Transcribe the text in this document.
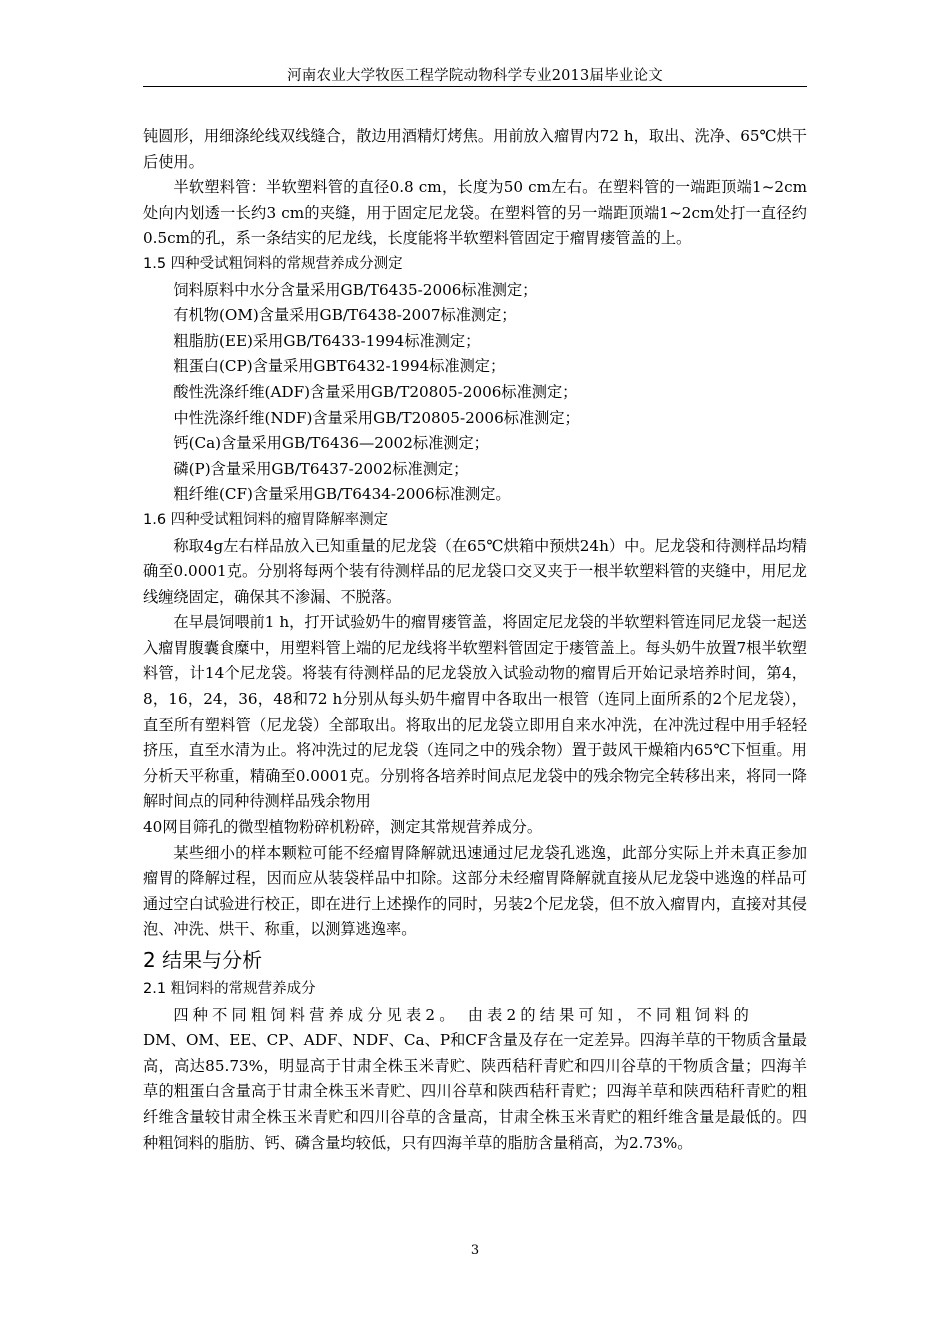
河南农业大学牧医工程学院动物科学专业2013届毕业论文

钝圆形，用细涤纶线双线缝合，散边用酒精灯烤焦。用前放入瘤胃内72 h，取出、洗净、65℃烘干后使用。

半软塑料管：半软塑料管的直径0.8 cm，长度为50 cm左右。在塑料管的一端距顶端1~2cm处向内划透一长约3 cm的夹缝，用于固定尼龙袋。在塑料管的另一端距顶端1~2cm处打一直径约0.5cm的孔，系一条结实的尼龙线，长度能将半软塑料管固定于瘤胃瘘管盖的上。

1.5 四种受试粗饲料的常规营养成分测定

饲料原料中水分含量采用GB/T6435-2006标准测定；

有机物(OM)含量采用GB/T6438-2007标准测定；

粗脂肪(EE)采用GB/T6433-1994标准测定；

粗蛋白(CP)含量采用GBT6432-1994标准测定；

酸性洗涤纤维(ADF)含量采用GB/T20805-2006标准测定；

中性洗涤纤维(NDF)含量采用GB/T20805-2006标准测定；

钙(Ca)含量采用GB/T6436—2002标准测定；

磷(P)含量采用GB/T6437-2002标准测定；

粗纤维(CF)含量采用GB/T6434-2006标准测定。

1.6 四种受试粗饲料的瘤胃降解率测定

称取4g左右样品放入已知重量的尼龙袋（在65℃烘箱中预烘24h）中。尼龙袋和待测样品均精确至0.0001克。分别将每两个装有待测样品的尼龙袋口交叉夹于一根半软塑料管的夹缝中，用尼龙线缠绕固定，确保其不渗漏、不脱落。

在早晨饲喂前1 h，打开试验奶牛的瘤胃瘘管盖，将固定尼龙袋的半软塑料管连同尼龙袋一起送入瘤胃腹囊食糜中，用塑料管上端的尼龙线将半软塑料管固定于瘘管盖上。每头奶牛放置7根半软塑料管，计14个尼龙袋。将装有待测样品的尼龙袋放入试验动物的瘤胃后开始记录培养时间，第4，8，16，24，36，48和72 h分别从每头奶牛瘤胃中各取出一根管（连同上面所系的2个尼龙袋），直至所有塑料管（尼龙袋）全部取出。将取出的尼龙袋立即用自来水冲洗，在冲洗过程中用手轻轻挤压，直至水清为止。将冲洗过的尼龙袋（连同之中的残余物）置于鼓风干燥箱内65℃下恒重。用分析天平称重，精确至0.0001克。分别将各培养时间点尼龙袋中的残余物完全转移出来，将同一降解时间点的同种待测样品残余物用

40网目筛孔的微型植物粉碎机粉碎，测定其常规营养成分。

某些细小的样本颗粒可能不经瘤胃降解就迅速通过尼龙袋孔逃逸，此部分实际上并未真正参加瘤胃的降解过程，因而应从装袋样品中扣除。这部分未经瘤胃降解就直接从尼龙袋中逃逸的样品可通过空白试验进行校正，即在进行上述操作的同时，另装2个尼龙袋，但不放入瘤胃内，直接对其侵泡、冲洗、烘干、称重，以测算逃逸率。

2 结果与分析

2.1 粗饲料的常规营养成分

四种不同粗饲料营养成分见表2。 由表2的结果可知，不同粗饲料的

DM、OM、EE、CP、ADF、NDF、Ca、P和CF含量及存在一定差异。四海羊草的干物质含量最高，高达85.73%，明显高于甘肃全株玉米青贮、陕西秸秆青贮和四川谷草的干物质含量；四海羊草的粗蛋白含量高于甘肃全株玉米青贮、四川谷草和陕西秸秆青贮；四海羊草和陕西秸秆青贮的粗纤维含量较甘肃全株玉米青贮和四川谷草的含量高，甘肃全株玉米青贮的粗纤维含量是最低的。四种粗饲料的脂肪、钙、磷含量均较低，只有四海羊草的脂肪含量稍高，为2.73%。

3
